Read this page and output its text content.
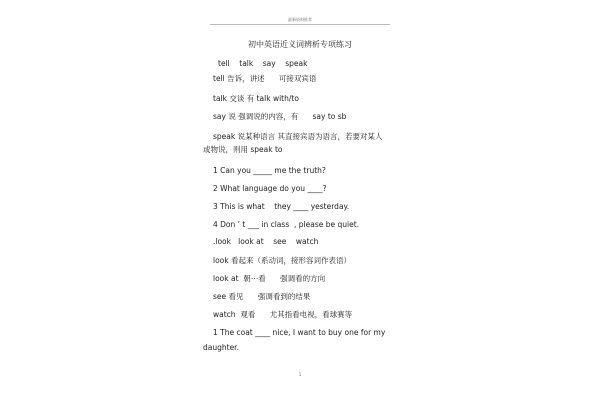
最新资料推荐
初中英语近义词辨析专项练习
tell    talk    say    speak
tell 告诉，讲述      可接双宾语
talk 交谈 有 talk with/to
say 说 强调说的内容，有      say to sb
speak 说某种语言 其直接宾语为语言，若要对某人
或物说，则用 speak to
1 Can you _____ me the truth?
2 What language do you ____?
3 This is what    they ____ yesterday.
4 Don ’ t ___ in class  , please be quiet.
.look   look at    see    watch
look 看起来（系动词，接形容词作表语）
look at  朝⋯看      强调看的方向
see 看见      强调看到的结果
watch  观看      尤其指看电视，看球赛等
1 The coat ____ nice, I want to buy one for my
daughter.
1
